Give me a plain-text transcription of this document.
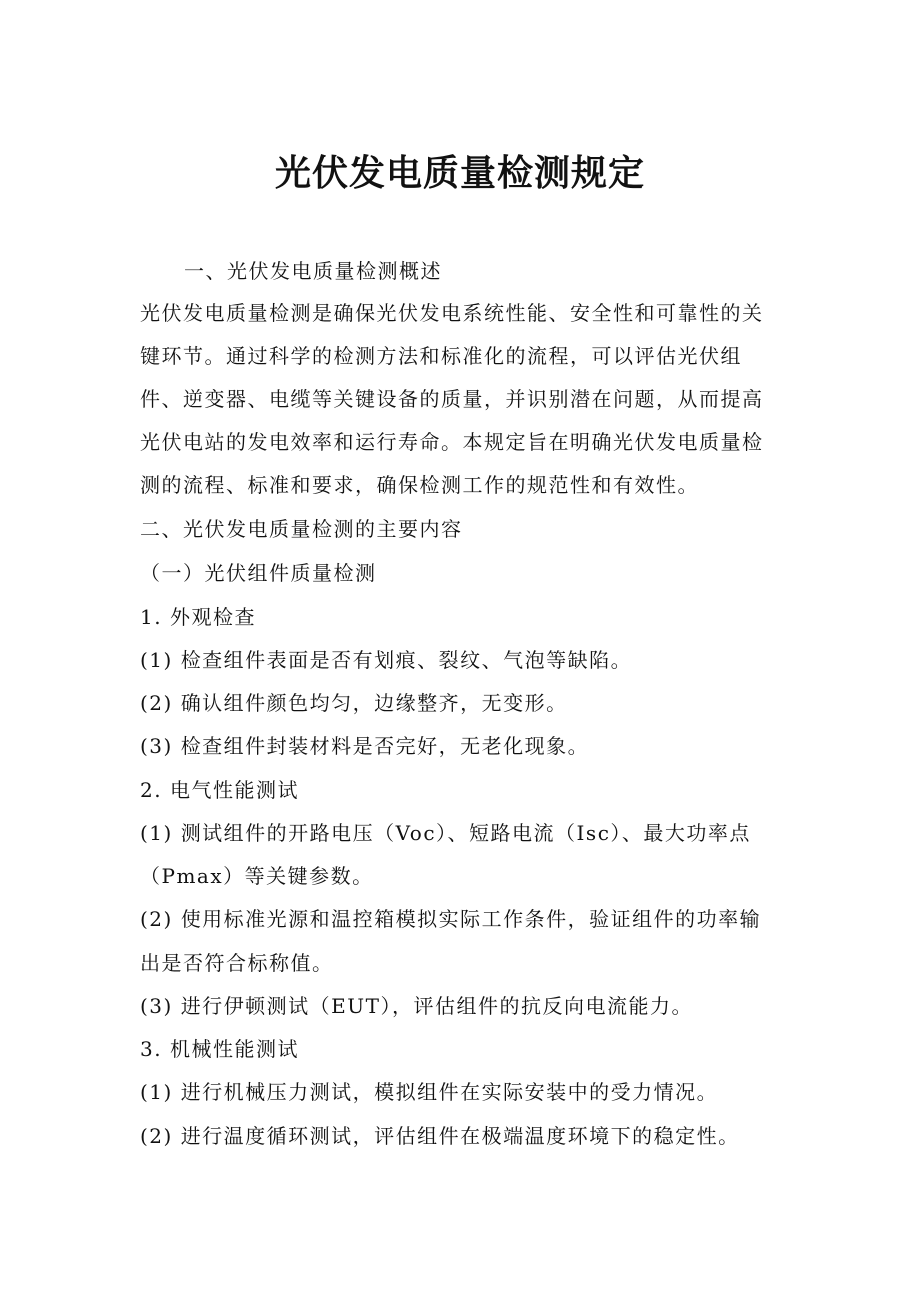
光伏发电质量检测规定
一、光伏发电质量检测概述
光伏发电质量检测是确保光伏发电系统性能、安全性和可靠性的关
键环节。通过科学的检测方法和标准化的流程，可以评估光伏组
件、逆变器、电缆等关键设备的质量，并识别潜在问题，从而提高
光伏电站的发电效率和运行寿命。本规定旨在明确光伏发电质量检
测的流程、标准和要求，确保检测工作的规范性和有效性。
二、光伏发电质量检测的主要内容
（一）光伏组件质量检测
1. 外观检查
(1) 检查组件表面是否有划痕、裂纹、气泡等缺陷。
(2) 确认组件颜色均匀，边缘整齐，无变形。
(3) 检查组件封装材料是否完好，无老化现象。
2. 电气性能测试
(1) 测试组件的开路电压（Voc）、短路电流（Isc）、最大功率点
（Pmax）等关键参数。
(2) 使用标准光源和温控箱模拟实际工作条件，验证组件的功率输
出是否符合标称值。
(3) 进行伊顿测试（EUT），评估组件的抗反向电流能力。
3. 机械性能测试
(1) 进行机械压力测试，模拟组件在实际安装中的受力情况。
(2) 进行温度循环测试，评估组件在极端温度环境下的稳定性。
